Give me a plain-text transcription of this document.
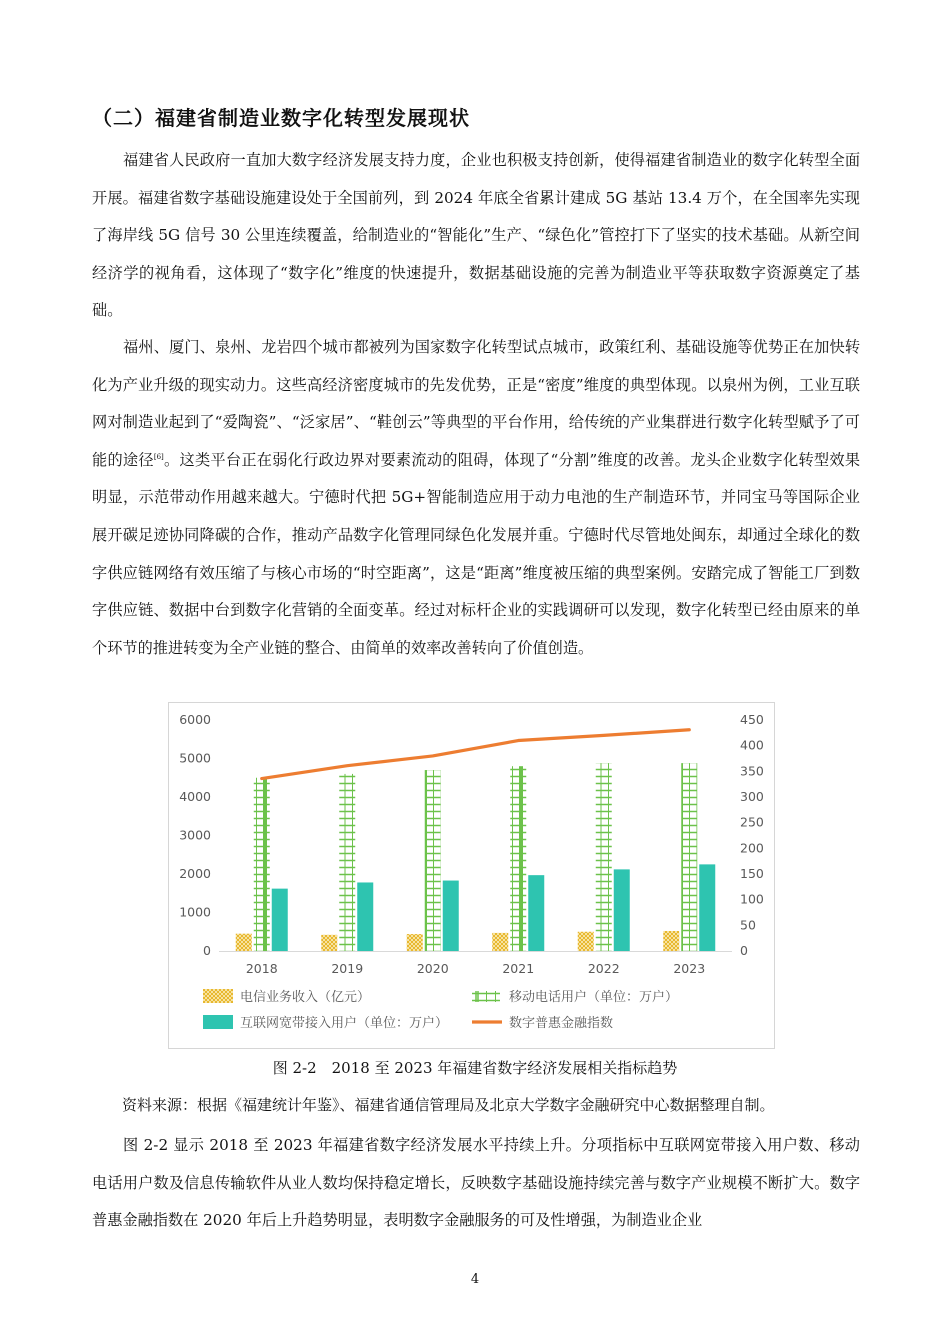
（二）福建省制造业数字化转型发展现状

福建省人民政府一直加大数字经济发展支持力度，企业也积极支持创新，使得福建省制造业的数字化转型全面开展。福建省数字基础设施建设处于全国前列，到 2024 年底全省累计建成 5G 基站 13.4 万个，在全国率先实现了海岸线 5G 信号 30 公里连续覆盖，给制造业的“智能化”生产、“绿色化”管控打下了坚实的技术基础。从新空间经济学的视角看，这体现了“数字化”维度的快速提升，数据基础设施的完善为制造业平等获取数字资源奠定了基础。

福州、厦门、泉州、龙岩四个城市都被列为国家数字化转型试点城市，政策红利、基础设施等优势正在加快转化为产业升级的现实动力。这些高经济密度城市的先发优势，正是“密度”维度的典型体现。以泉州为例，工业互联网对制造业起到了“爱陶瓷”、“泛家居”、“鞋创云”等典型的平台作用，给传统的产业集群进行数字化转型赋予了可能的途径[6]。这类平台正在弱化行政边界对要素流动的阻碍，体现了“分割”维度的改善。龙头企业数字化转型效果明显，示范带动作用越来越大。宁德时代把 5G+智能制造应用于动力电池的生产制造环节，并同宝马等国际企业展开碳足迹协同降碳的合作，推动产品数字化管理同绿色化发展并重。宁德时代尽管地处闽东，却通过全球化的数字供应链网络有效压缩了与核心市场的“时空距离”，这是“距离”维度被压缩的典型案例。安踏完成了智能工厂到数字供应链、数据中台到数字化营销的全面变革。经过对标杆企业的实践调研可以发现，数字化转型已经由原来的单个环节的推进转变为全产业链的整合、由简单的效率改善转向了价值创造。

0
1000
2000
3000
4000
5000
6000
0
50
100
150
200
250
300
350
400
450
2018	2019	2020	2021	2022	2023
电信业务收入（亿元）	移动电话用户（单位：万户）
互联网宽带接入用户（单位：万户）	数字普惠金融指数
图 2-2　2018 至 2023 年福建省数字经济发展相关指标趋势
资料来源：根据《福建统计年鉴》、福建省通信管理局及北京大学数字金融研究中心数据整理自制。

图 2-2 显示 2018 至 2023 年福建省数字经济发展水平持续上升。分项指标中互联网宽带接入用户数、移动电话用户数及信息传输软件从业人数均保持稳定增长，反映数字基础设施持续完善与数字产业规模不断扩大。数字普惠金融指数在 2020 年后上升趋势明显，表明数字金融服务的可及性增强，为制造业企业

4
